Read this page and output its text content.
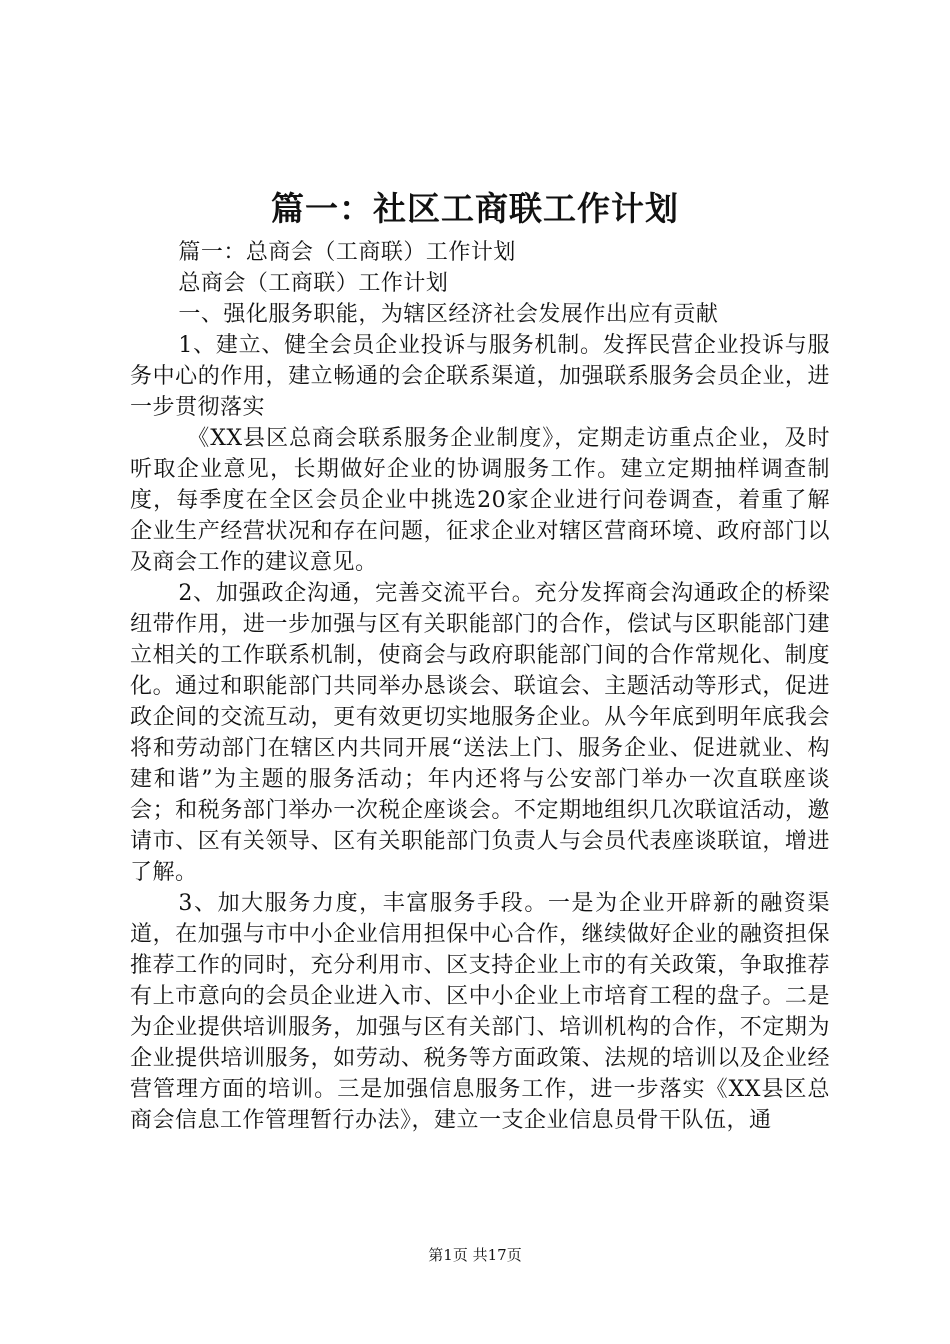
篇一：社区工商联工作计划

篇一：总商会（工商联）工作计划

总商会（工商联）工作计划

一、强化服务职能，为辖区经济社会发展作出应有贡献

1、建立、健全会员企业投诉与服务机制。发挥民营企业投诉与服务中心的作用，建立畅通的会企联系渠道，加强联系服务会员企业，进一步贯彻落实

《XX县区总商会联系服务企业制度》，定期走访重点企业，及时听取企业意见，长期做好企业的协调服务工作。建立定期抽样调查制度，每季度在全区会员企业中挑选20家企业进行问卷调查，着重了解企业生产经营状况和存在问题，征求企业对辖区营商环境、政府部门以及商会工作的建议意见。

2、加强政企沟通，完善交流平台。充分发挥商会沟通政企的桥梁纽带作用，进一步加强与区有关职能部门的合作，偿试与区职能部门建立相关的工作联系机制，使商会与政府职能部门间的合作常规化、制度化。通过和职能部门共同举办恳谈会、联谊会、主题活动等形式，促进政企间的交流互动，更有效更切实地服务企业。从今年底到明年底我会将和劳动部门在辖区内共同开展“送法上门、服务企业、促进就业、构建和谐”为主题的服务活动；年内还将与公安部门举办一次直联座谈会；和税务部门举办一次税企座谈会。不定期地组织几次联谊活动，邀请市、区有关领导、区有关职能部门负责人与会员代表座谈联谊，增进了解。

3、加大服务力度，丰富服务手段。一是为企业开辟新的融资渠道，在加强与市中小企业信用担保中心合作，继续做好企业的融资担保推荐工作的同时，充分利用市、区支持企业上市的有关政策，争取推荐有上市意向的会员企业进入市、区中小企业上市培育工程的盘子。二是为企业提供培训服务，加强与区有关部门、培训机构的合作，不定期为企业提供培训服务，如劳动、税务等方面政策、法规的培训以及企业经营管理方面的培训。三是加强信息服务工作，进一步落实《XX县区总商会信息工作管理暂行办法》，建立一支企业信息员骨干队伍，通

第1页 共17页
